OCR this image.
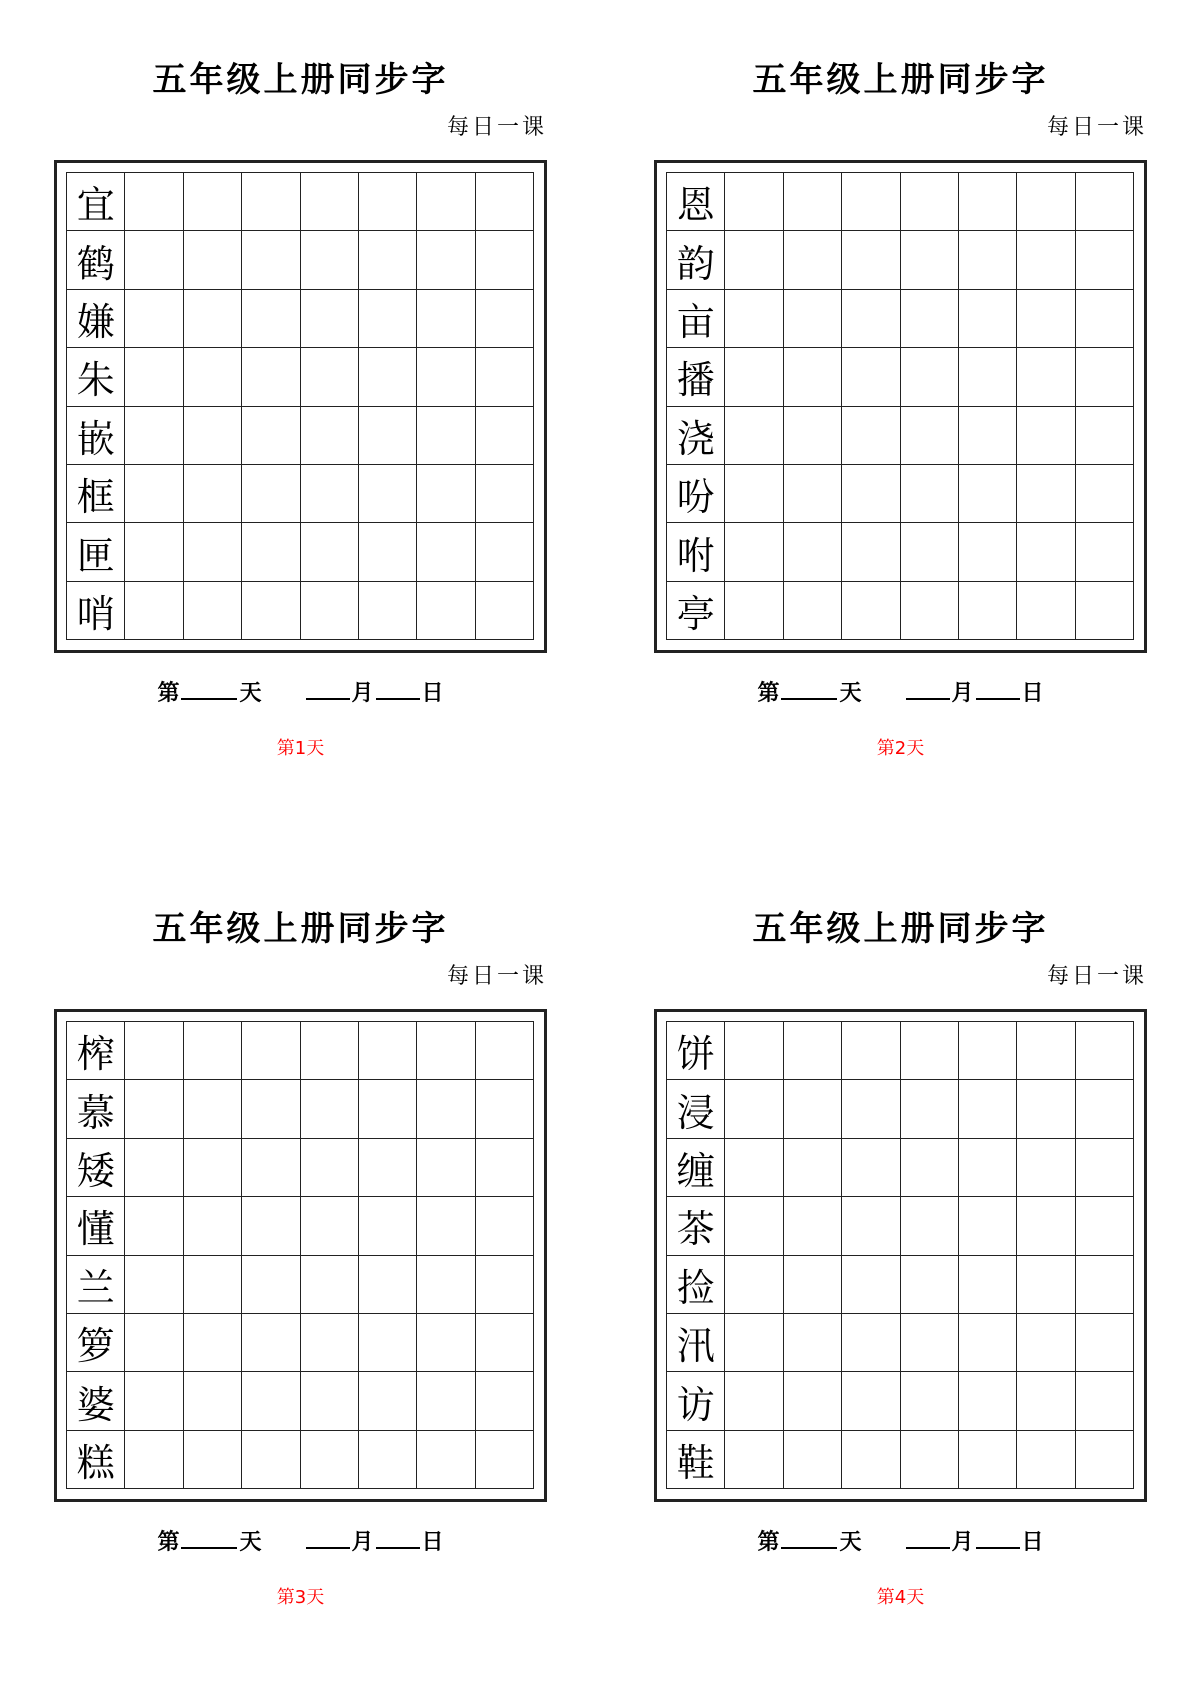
五年级上册同步字
每日一课
宜
鹤
嫌
朱
嵌
框
匣
哨
第	天	月 日
第1天
五年级上册同步字
每日一课
恩
韵
亩
播
浇
吩
咐
亭
第	天	月 日
第2天
五年级上册同步字
每日一课
榨
慕
矮
懂
兰
箩
婆
糕
第	天	月 日
第3天
五年级上册同步字
每日一课
饼
浸
缠
茶
捡
汛
访
鞋
第	天	月 日
第4天
